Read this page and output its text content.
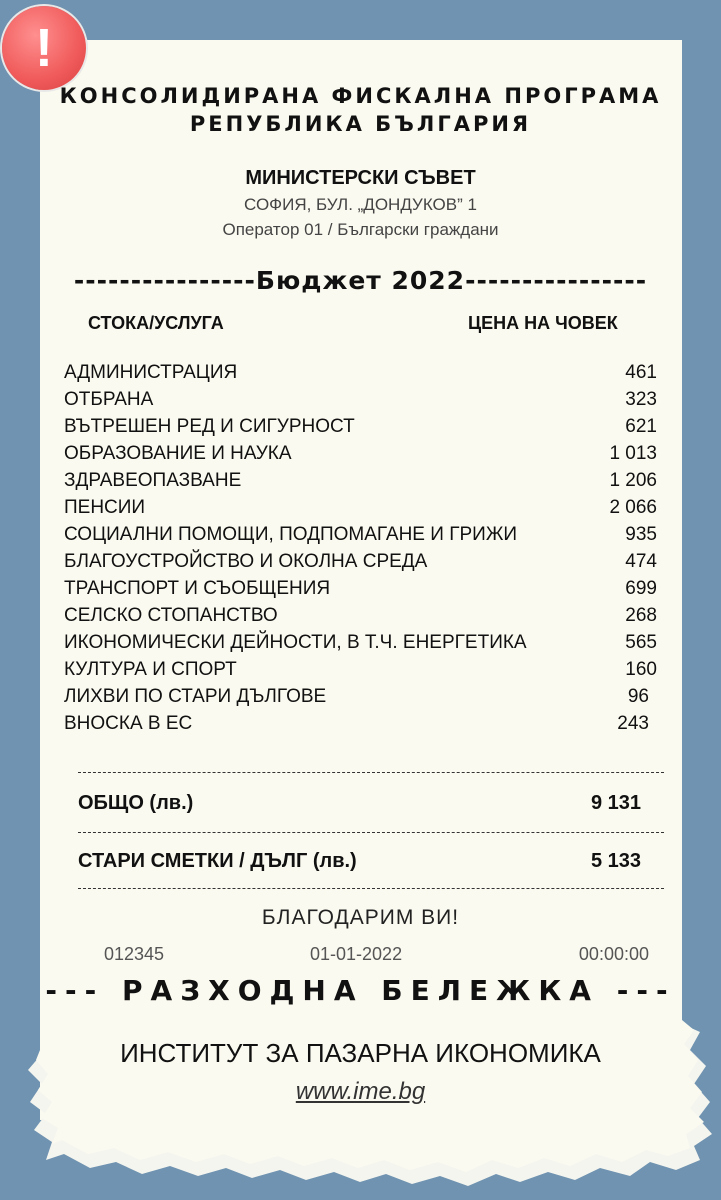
!
КОНСОЛИДИРАНА ФИСКАЛНА ПРОГРАМА
РЕПУБЛИКА БЪЛГАРИЯ
МИНИСТЕРСКИ СЪВЕТ
СОФИЯ, БУЛ. „ДОНДУКОВ” 1
Оператор 01 / Български граждани
----------------Бюджет 2022----------------
СТОКА/УСЛУГА	ЦЕНА НА ЧОВЕК
АДМИНИСТРАЦИЯ	461
ОТБРАНА	323
ВЪТРЕШЕН РЕД И СИГУРНОСТ	621
ОБРАЗОВАНИЕ И НАУКА	1 013
ЗДРАВЕОПАЗВАНЕ	1 206
ПЕНСИИ	2 066
СОЦИАЛНИ ПОМОЩИ, ПОДПОМАГАНЕ И ГРИЖИ	935
БЛАГОУСТРОЙСТВО И ОКОЛНА СРЕДА	474
ТРАНСПОРТ И СЪОБЩЕНИЯ	699
СЕЛСКО СТОПАНСТВО	268
ИКОНОМИЧЕСКИ ДЕЙНОСТИ, В Т.Ч. ЕНЕРГЕТИКА	565
КУЛТУРА И СПОРТ	160
ЛИХВИ ПО СТАРИ ДЪЛГОВЕ	96
ВНОСКА В ЕС	243
ОБЩО (лв.)	9 131
СТАРИ СМЕТКИ / ДЪЛГ (лв.)	5 133
БЛАГОДАРИМ ВИ!
012345	01-01-2022	00:00:00
--- РАЗХОДНА БЕЛЕЖКА ---
ИНСТИТУТ ЗА ПАЗАРНА ИКОНОМИКА
www.ime.bg
